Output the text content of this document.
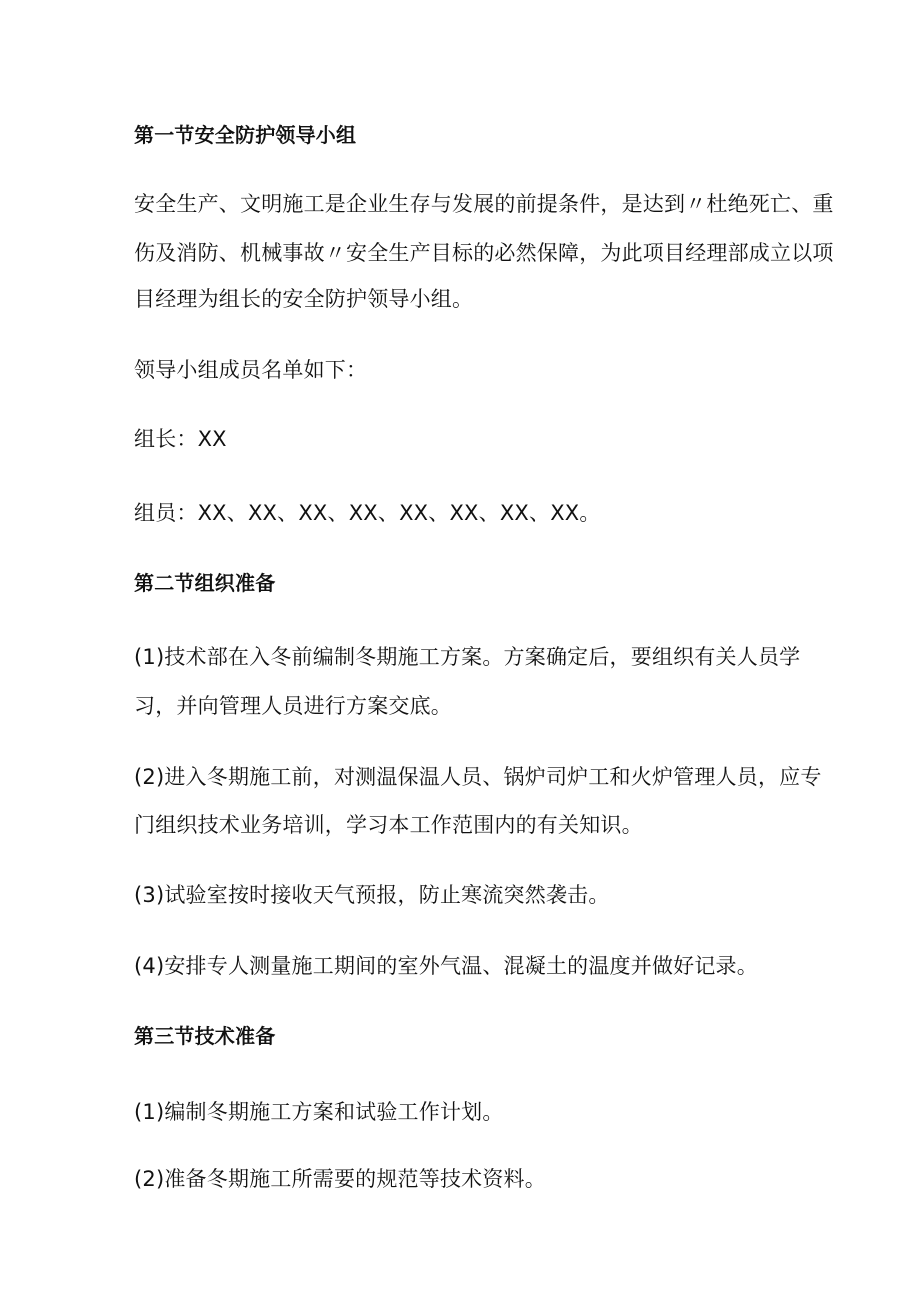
第一节安全防护领导小组
安全生产、文明施工是企业生存与发展的前提条件，是达到〃杜绝死亡、重
伤及消防、机械事故〃安全生产目标的必然保障，为此项目经理部成立以项
目经理为组长的安全防护领导小组。
领导小组成员名单如下：
组长：XX
组员：XX、XX、XX、XX、XX、XX、XX、XX。
第二节组织准备
(1)技术部在入冬前编制冬期施工方案。方案确定后，要组织有关人员学
习，并向管理人员进行方案交底。
(2)进入冬期施工前，对测温保温人员、锅炉司炉工和火炉管理人员，应专
门组织技术业务培训，学习本工作范围内的有关知识。
(3)试验室按时接收天气预报，防止寒流突然袭击。
(4)安排专人测量施工期间的室外气温、混凝土的温度并做好记录。
第三节技术准备
(1)编制冬期施工方案和试验工作计划。
(2)准备冬期施工所需要的规范等技术资料。
